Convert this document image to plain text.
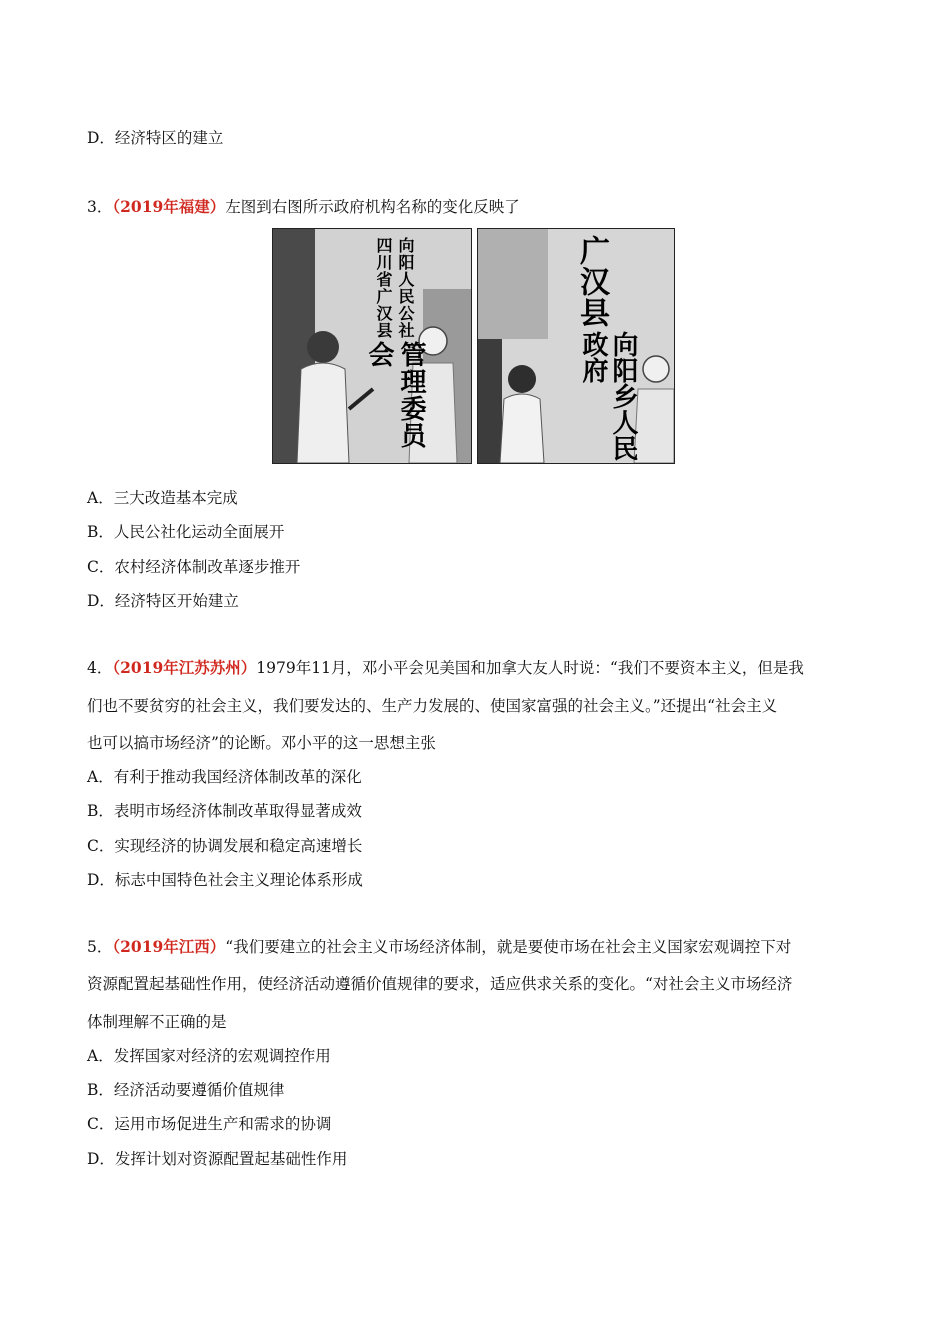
D．经济特区的建立
3．（2019年福建）左图到右图所示政府机构名称的变化反映了
向阳人民公社
四川省广汉县
管理委员会
广汉县
向阳乡人民政府
A．三大改造基本完成
B．人民公社化运动全面展开
C．农村经济体制改革逐步推开
D．经济特区开始建立
4．（2019年江苏苏州）1979年11月，邓小平会见美国和加拿大友人时说：“我们不要资本主义，但是我
们也不要贫穷的社会主义，我们要发达的、生产力发展的、使国家富强的社会主义。”还提出“社会主义
也可以搞市场经济”的论断。邓小平的这一思想主张
A．有利于推动我国经济体制改革的深化
B．表明市场经济体制改革取得显著成效
C．实现经济的协调发展和稳定高速增长
D．标志中国特色社会主义理论体系形成
5．（2019年江西）“我们要建立的社会主义市场经济体制，就是要使市场在社会主义国家宏观调控下对
资源配置起基础性作用，使经济活动遵循价值规律的要求，适应供求关系的变化。“对社会主义市场经济
体制理解不正确的是
A．发挥国家对经济的宏观调控作用
B．经济活动要遵循价值规律
C．运用市场促进生产和需求的协调
D．发挥计划对资源配置起基础性作用
